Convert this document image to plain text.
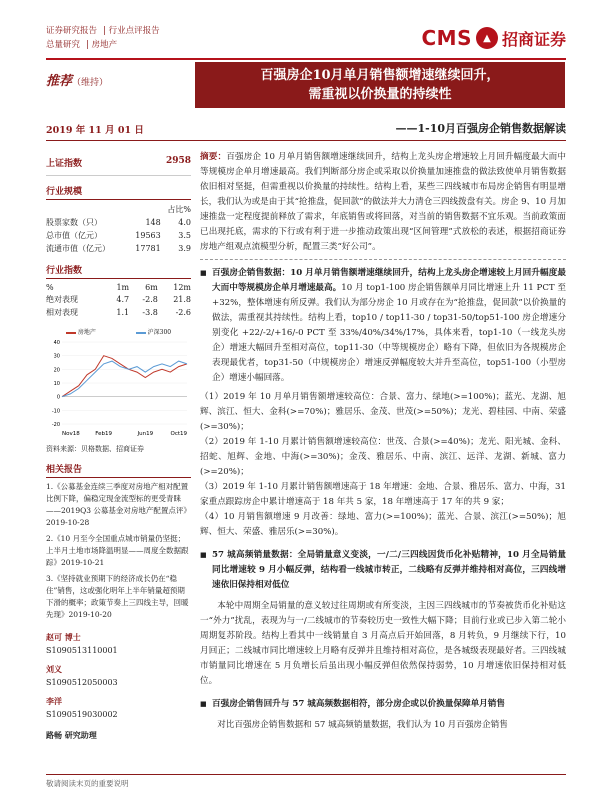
证券研究报告 | 行业点评报告
总量研究 | 房地产	CMS	▲ 招商证券
推荐（维持）	百强房企10月单月销售额增速继续回升，
需重视以价换量的持续性
2019 年 11 月 01 日	——1-10月百强房企销售数据解读
上证指数	2958
行业规模
		占比%
股票家数（只）	148	4.0
总市值（亿元）	19563	3.5
流通市值（亿元）	17781	3.9
行业指数
%	1m	6m	12m
绝对表现	4.7	-2.8	21.8
相对表现	1.1	-3.8	-2.6
房地产	沪深300
40
30
20
10
0
-10
-20
Nov18	Feb19	Jun19	Oct19
资料来源：贝格数据、招商证券
相关报告
1.《公募基金连续三季度对房地产相对配置比例下降，偏稳定现金流型标的更受青睐——2019Q3 公募基金对房地产配置点评》2019-10-28
2.《10 月至今全国重点城市销量仍坚挺；上半月土地市场降温明显——周度全数据跟踪》2019-10-21
3.《坚持就业预期下的经济成长仍在“稳住”销售，这或强化明年上半年销量超预期下滑的概率；政策节奏上三四线主导，回暖先现》2019-10-20
赵可 博士
S1090513110001
刘义
S1090512050003
李洋
S1090519030002
路畅 研究助理
摘要：百强房企 10 月单月销售额增速继续回升，结构上龙头房企增速较上月回升幅度最大而中等规模房企单月增速最高。我们判断部分房企或采取以价换量加速推盘的做法致使单月销售数据依旧相对坚挺，但需重视以价换量的持续性。结构上看，某些三四线城市布局房企销售有明显增长，我们认为或是由于其“抢推盘，促回款”的做法并大力清仓三四线拨盘有关。房企 9、10 月加速推盘一定程度提前释放了需求，年底销售或将回落，对当前的销售数据不宜乐观。当前政策面已出现托底，需求的下行或有利于进一步推动政策出现“区间管理”式放松的表述，根据招商证券房地产组观点流模型分析，配置三类“好公司”。
■ 百强房企销售数据：10 月单月销售额增速继续回升，结构上龙头房企增速较上月回升幅度最大而中等规模房企单月增速最高。10 月 top1-100 房企销售额单月同比增速上升 11 PCT 至+32%，整体增速有所反弹。我们认为部分房企 10 月或存在为“抢推盘，促回款”以价换量的做法，需重视其持续性。结构上看，top10 / top11-30 / top31-50/top51-100 房企增速分别变化 +22/-2/+16/-0 PCT 至 33%/40%/34%/17%，具体来看，top1-10（一线龙头房企）增速大幅回升至相对高位，top11-30（中等规模房企）略有下降，但依旧为各规模房企表现最优者，top31-50（中规模房企）增速反弹幅度较大并升至高位，top51-100（小型房企）增速小幅回落。
（1）2019 年 10 月单月销售额增速较高位：合景、富力、绿地(>=100%)；蓝光、龙湖、旭辉、滨江、恒大、金科(>=70%)；雅居乐、金茂、世茂(>=50%)；龙光、碧桂园、中南、荣盛(>=30%)；
（2）2019 年 1-10 月累计销售额增速较高位：世茂、合景(>=40%)；龙光、阳光城、金科、招蛇、旭辉、金地、中海(>=30%)；金茂、雅居乐、中南、滨江、远洋、龙湖、新城、富力(>=20%)；
（3）2019 年 1-10 月累计销售额增速高于 18 年增速：金地、合景、雅居乐、富力、中海，31 家重点跟踪房企中累计增速高于 18 年共 5 家，18 年增速高于 17 年的共 9 家；
（4）10 月销售额增速 9 月改善：绿地、富力(>=100%)；蓝光、合景、滨江(>=50%)；旭辉、恒大、荣盛、雅居乐(>=30%)。
■ 57 城高频销量数据：全局销量意义变淡，一/二/三四线因货币化补贴精神，10 月全局销量同比增速较 9 月小幅反弹，结构看一线城市转正，二线略有反弹并维持相对高位，三四线增速依旧保持相对低位
本轮中周期全局销量的意义较过往周期或有所变淡，主因三四线城市的节奏被货币化补贴这一“外力”扰乱，表现为与一/二线城市的节奏较历史一致性大幅下降；目前行业或已步入第二轮小周期复苏阶段。结构上看其中一线销量自 3 月高点后开始回落，8 月转负，9 月继续下行，10 月回正；二线城市同比增速较上月略有反弹并且维持相对高位，是各城级表现最好者。三四线城市销量同比增速在 5 月负增长后虽出现小幅反弹但依然保持弱势，10 月增速依旧保持相对低位。
■ 百强房企销售回升与 57 城高频数据相符，部分房企或以价换量保障单月销售
对比百强房企销售数据和 57 城高频销量数据，我们认为 10 月百强房企销售
敬请阅读末页的重要说明
